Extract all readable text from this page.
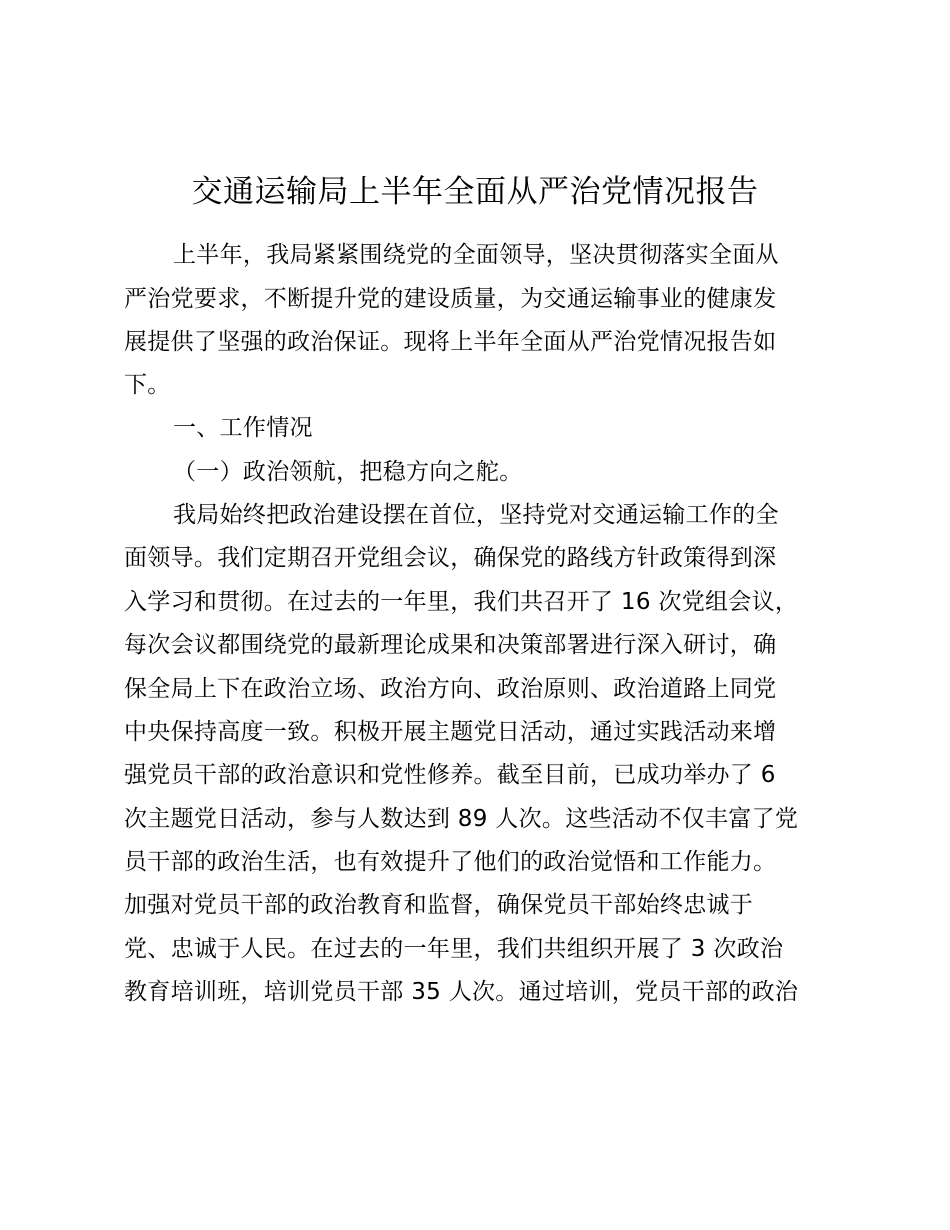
交通运输局上半年全面从严治党情况报告
上半年，我局紧紧围绕党的全面领导，坚决贯彻落实全面从
严治党要求，不断提升党的建设质量，为交通运输事业的健康发
展提供了坚强的政治保证。现将上半年全面从严治党情况报告如
下。
一、工作情况
（一）政治领航，把稳方向之舵。
我局始终把政治建设摆在首位，坚持党对交通运输工作的全
面领导。我们定期召开党组会议，确保党的路线方针政策得到深
入学习和贯彻。在过去的一年里，我们共召开了 16 次党组会议，
每次会议都围绕党的最新理论成果和决策部署进行深入研讨，确
保全局上下在政治立场、政治方向、政治原则、政治道路上同党
中央保持高度一致。积极开展主题党日活动，通过实践活动来增
强党员干部的政治意识和党性修养。截至目前，已成功举办了 6
次主题党日活动，参与人数达到 89 人次。这些活动不仅丰富了党
员干部的政治生活，也有效提升了他们的政治觉悟和工作能力。
加强对党员干部的政治教育和监督，确保党员干部始终忠诚于
党、忠诚于人民。在过去的一年里，我们共组织开展了 3 次政治
教育培训班，培训党员干部 35 人次。通过培训，党员干部的政治
